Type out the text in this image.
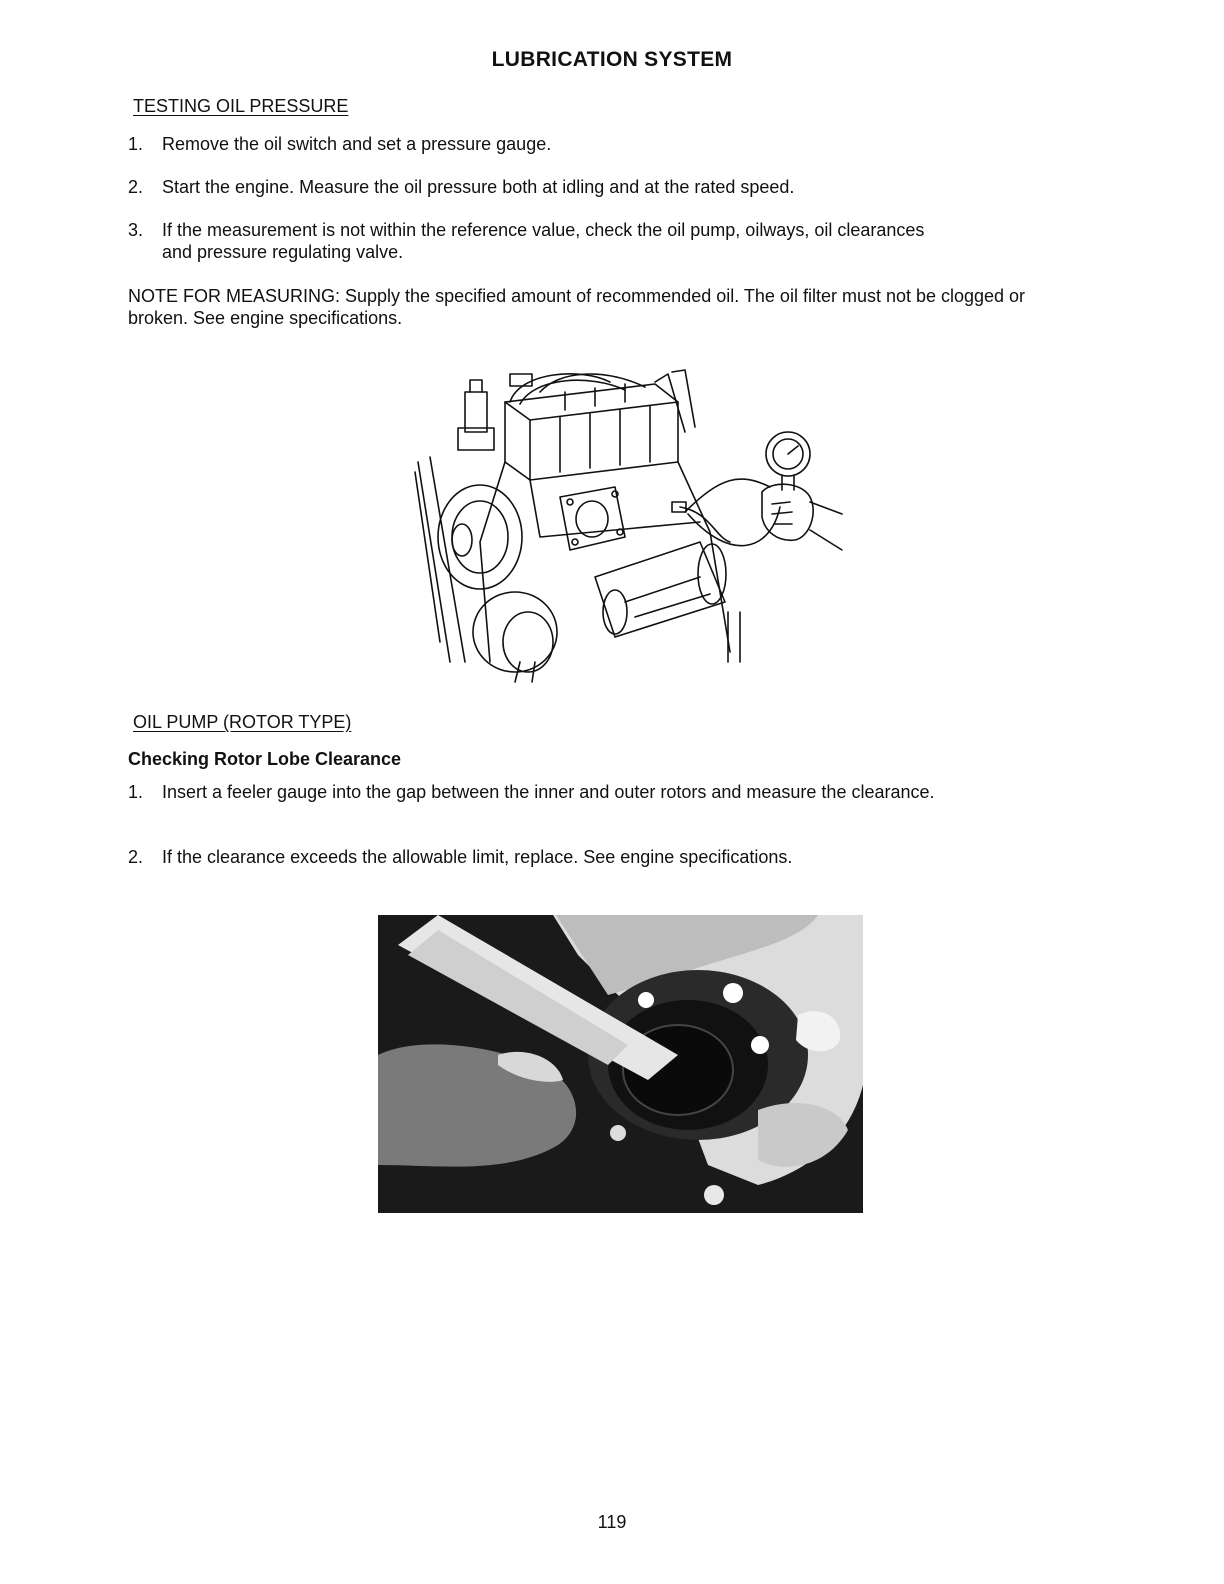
LUBRICATION SYSTEM
TESTING OIL PRESSURE
1. Remove the oil switch and set a pressure gauge.
2. Start the engine. Measure the oil pressure both at idling and at the rated speed.
3. If the measurement is not within the reference value, check the oil pump, oilways, oil clearances and pressure regulating valve.
NOTE FOR MEASURING: Supply the specified amount of recommended oil. The oil filter must not be clogged or broken. See engine specifications.
OIL PUMP (ROTOR TYPE)
Checking Rotor Lobe Clearance
1. Insert a feeler gauge into the gap between the inner and outer rotors and measure the clearance.
2. If the clearance exceeds the allowable limit, replace. See engine specifications.
119
